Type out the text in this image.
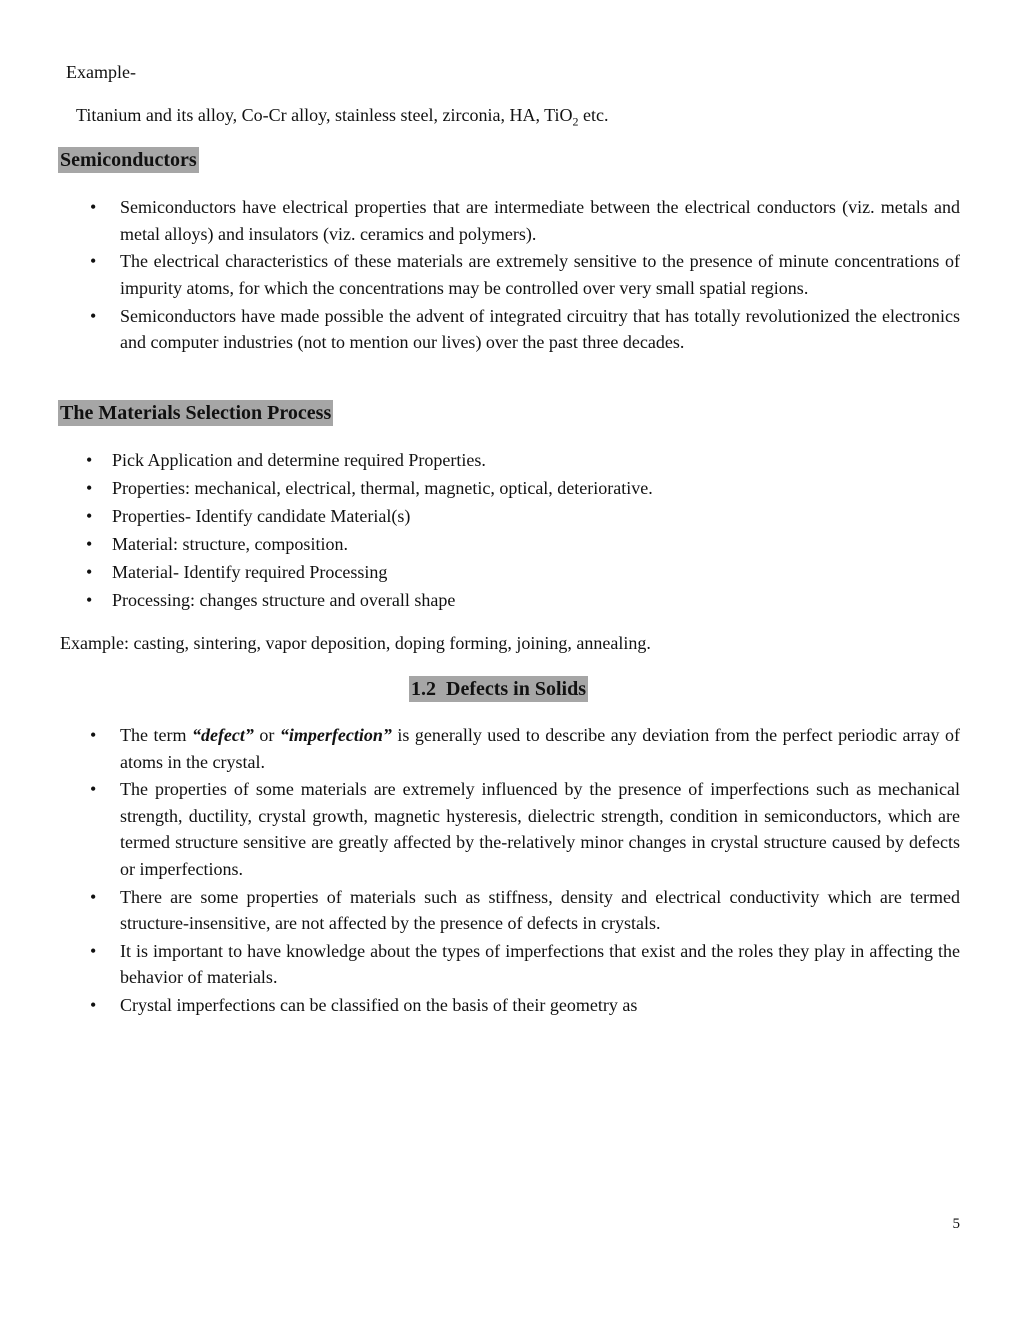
Example-
Titanium and its alloy, Co-Cr alloy, stainless steel, zirconia, HA, TiO$_2$ etc.
Semiconductors
• Semiconductors have electrical properties that are intermediate between the electrical conductors (viz. metals and metal alloys) and insulators (viz. ceramics and polymers).
• The electrical characteristics of these materials are extremely sensitive to the presence of minute concentrations of impurity atoms, for which the concentrations may be controlled over very small spatial regions.
• Semiconductors have made possible the advent of integrated circuitry that has totally revolutionized the electronics and computer industries (not to mention our lives) over the past three decades.
The Materials Selection Process
• Pick Application and determine required Properties.
• Properties: mechanical, electrical, thermal, magnetic, optical, deteriorative.
• Properties- Identify candidate Material(s)
• Material: structure, composition.
• Material- Identify required Processing
• Processing: changes structure and overall shape
Example: casting, sintering, vapor deposition, doping forming, joining, annealing.
1.2  Defects in Solids
• The term “defect” or “imperfection” is generally used to describe any deviation from the perfect periodic array of atoms in the crystal.
• The properties of some materials are extremely influenced by the presence of imperfections such as mechanical strength, ductility, crystal growth, magnetic hysteresis, dielectric strength, condition in semiconductors, which are termed structure sensitive are greatly affected by the-relatively minor changes in crystal structure caused by defects or imperfections.
• There are some properties of materials such as stiffness, density and electrical conductivity which are termed structure-insensitive, are not affected by the presence of defects in crystals.
• It is important to have knowledge about the types of imperfections that exist and the roles they play in affecting the behavior of materials.
• Crystal imperfections can be classified on the basis of their geometry as
5
